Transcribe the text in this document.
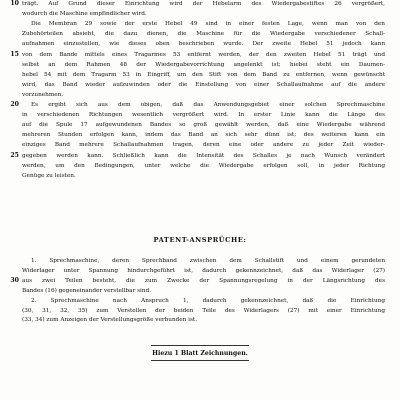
10 trägt. Auf Grund dieser Einrichtung wird der Hebelarm des Wiedergabestiftes 26 vergrößert,
wodurch die Maschine empfindlicher wird.
Die Membran 29 sowie der erste Hebel 49 sind in einer festen Lage, wenn man von den
Zubehörteilen absieht, die dazu dienen, die Maschine für die Wiedergabe verschiedener Schall-
aufnahmen einzustellen, wie dieses oben beschrieben wurde. Der zweite Hebel 51 jedoch kann
15 von dem Bande mittels eines Tragarmes 53 entfernt werden, der den zweiten Hebel 51 trägt und
selbst an dem Rahmen 48 der Wiedergabevorrichtung angelenkt ist; hiebei steht ein Daumen-
hebel 54 mit dem Tragarm 53 in Eingriff, um den Stift von dem Band zu entfernen, wenn gewünscht
wird, das Band wieder aufzuwinden oder die Einstellung von einer Schallaufnahme auf die andere
vorzunehmen.
20 Es ergibt sich aus dem obigen, daß das Anwendungsgebiet einer solchen Sprechmaschine
in verschiedenen Richtungen wesentlich vergrößert wird. In erster Linie kann die Länge des
auf die Spule 17 aufgewundenen Bandes so groß gewählt werden, daß eine Wiedergabe während
mehreren Stunden erfolgen kann, indem das Band an sich sehr dünn ist; des weiteren kann ein
einziges Band mehrere Schallaufnahmen tragen, deren eine oder andere zu jeder Zeit wieder-
25 gegeben werden kann. Schließlich kann die Intensität des Schalles je nach Wunsch verändert
werden, um den Bedingungen, unter welche die Wiedergabe erfolgen soll, in jeder Richtung
Genüge zu leisten.
PATENT-ANSPRÜCHE:
1. Sprechmaschine, deren Sprechband zwischen dem Schallstift und einem gerundeten
Widerlager unter Spannung hindurchgeführt ist, dadurch gekennzeichnet, daß das Widerlager (27)
30 aus zwei Teilen besteht, die zum Zwecke der Spannungsregelung in der Längsrichtung des
Bandes (16) gegeneinander verstellbar sind.
2. Sprechmaschine nach Anspruch 1, dadurch gekennzeichnet, daß die Einrichtung
(30, 31, 32, 35) zum Verstellen der beiden Teile des Widerlagers (27) mit einer Einrichtung
(33, 34) zum Anzeigen der Verstellungsgröße verbunden ist.
Hiezu 1 Blatt Zeichnungen.
